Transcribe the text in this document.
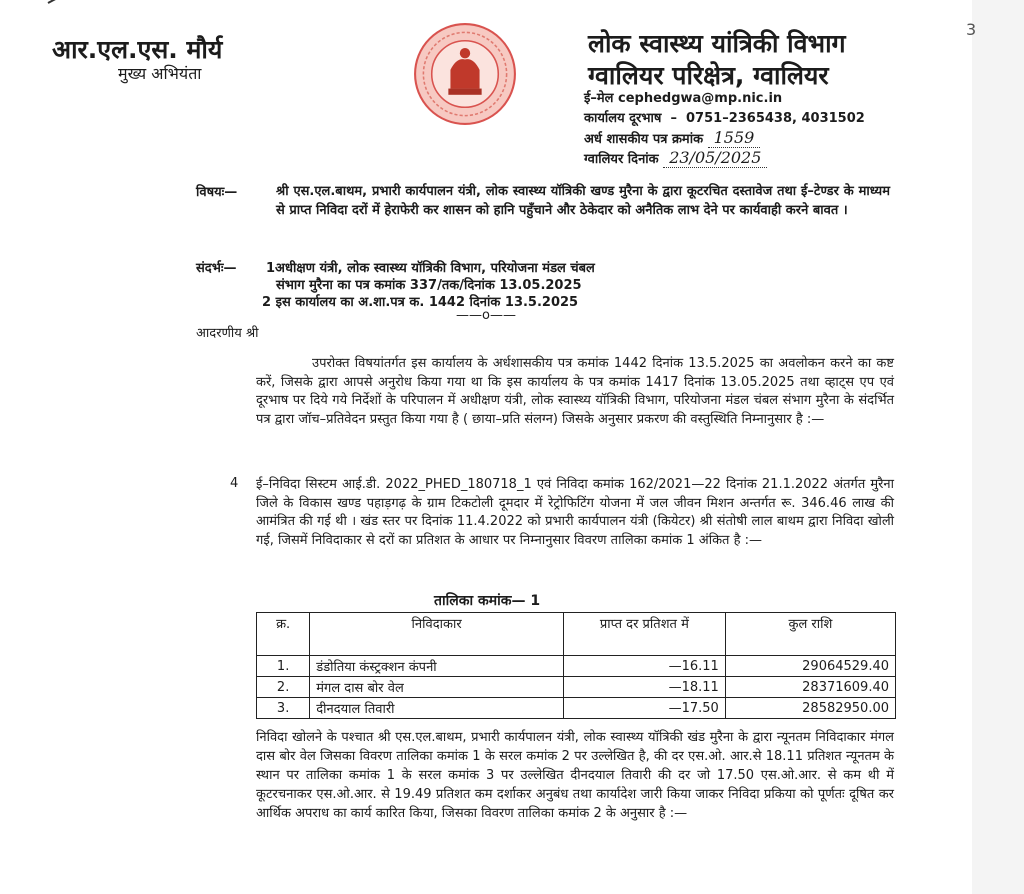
3
आर.एल.एस. मौर्य
मुख्य अभियंता
लोक स्वास्थ्य यांत्रिकी विभाग
ग्वालियर परिक्षेत्र, ग्वालियर
ई–मेल cephedgwa@mp.nic.in
कार्यालय दूरभाष  –  0751–2365438, 4031502
अर्ध शासकीय पत्र क्रमांक 1559
ग्वालियर दिनांक 23/05/2025
विषयः—	श्री एस.एल.बाथम, प्रभारी कार्यपालन यंत्री, लोक स्वास्थ्य यॉत्रिकी खण्ड मुरैना के द्वारा कूटरचित दस्तावेज तथा ई–टेण्डर के माध्यम से प्राप्त निविदा दरों में हेराफेरी कर शासन को हानि पहुँचाने और ठेकेदार को अनैतिक लाभ देने पर कार्यवाही करने बावत ।
संदर्भः— 1अधीक्षण यंत्री, लोक स्वास्थ्य यॉत्रिकी विभाग, परियोजना मंडल चंबल
संभाग मुरैना का पत्र कमांक 337/तक/दिनांक 13.05.2025
2 इस कार्यालय का अ.शा.पत्र क. 1442 दिनांक 13.5.2025
——o——
आदरणीय श्री
उपरोक्त विषयांतर्गत इस कार्यालय के अर्धशासकीय पत्र कमांक 1442 दिनांक 13.5.2025 का अवलोकन करने का कष्ट करें, जिसके द्वारा आपसे अनुरोध किया गया था कि इस कार्यालय के पत्र कमांक 1417 दिनांक 13.05.2025 तथा व्हाट्स एप एवं दूरभाष पर दिये गये निर्देशों के परिपालन में अधीक्षण यंत्री, लोक स्वास्थ्य यॉत्रिकी विभाग, परियोजना मंडल चंबल संभाग मुरैना के संदर्भित पत्र द्वारा जॉच–प्रतिवेदन प्रस्तुत किया गया है ( छाया–प्रति संलग्न) जिसके अनुसार प्रकरण की वस्तुस्थिति निम्नानुसार है :—
4 ई–निविदा सिस्टम आई.डी. 2022_PHED_180718_1 एवं निविदा कमांक 162/2021—22 दिनांक 21.1.2022 अंतर्गत मुरैना जिले के विकास खण्ड पहाड़गढ़ के ग्राम टिकटोली दूमदार में रेट्रोफिटिंग योजना में जल जीवन मिशन अन्तर्गत रू. 346.46 लाख की आमंत्रित की गई थी । खंड स्तर पर दिनांक 11.4.2022 को प्रभारी कार्यपालन यंत्री (कियेटर) श्री संतोषी लाल बाथम द्वारा निविदा खोली गई, जिसमें निविदाकार से दरों का प्रतिशत के आधार पर निम्नानुसार विवरण तालिका कमांक 1 अंकित है :—
तालिका कमांक— 1
क्र.	निविदाकार	प्राप्त दर प्रतिशत में	कुल राशि
1.	डंडोतिया कंस्ट्रक्शन कंपनी	—16.11	29064529.40
2.	मंगल दास बोर वेल	—18.11	28371609.40
3.	दीनदयाल तिवारी	—17.50	28582950.00
निविदा खोलने के पश्चात श्री एस.एल.बाथम, प्रभारी कार्यपालन यंत्री, लोक स्वास्थ्य यॉत्रिकी खंड मुरैना के द्वारा न्यूनतम निविदाकार मंगल दास बोर वेल जिसका विवरण तालिका कमांक 1 के सरल कमांक 2 पर उल्लेखित है, की दर एस.ओ. आर.से 18.11 प्रतिशत न्यूनतम के स्थान पर तालिका कमांक 1 के सरल कमांक 3 पर उल्लेखित दीनदयाल तिवारी की दर जो 17.50 एस.ओ.आर. से कम थी में कूटरचनाकर एस.ओ.आर. से 19.49 प्रतिशत कम दर्शाकर अनुबंध तथा कार्यादेश जारी किया जाकर निविदा प्रकिया को पूर्णतः दूषित कर आर्थिक अपराध का कार्य कारित किया, जिसका विवरण तालिका कमांक 2 के अनुसार है :—
